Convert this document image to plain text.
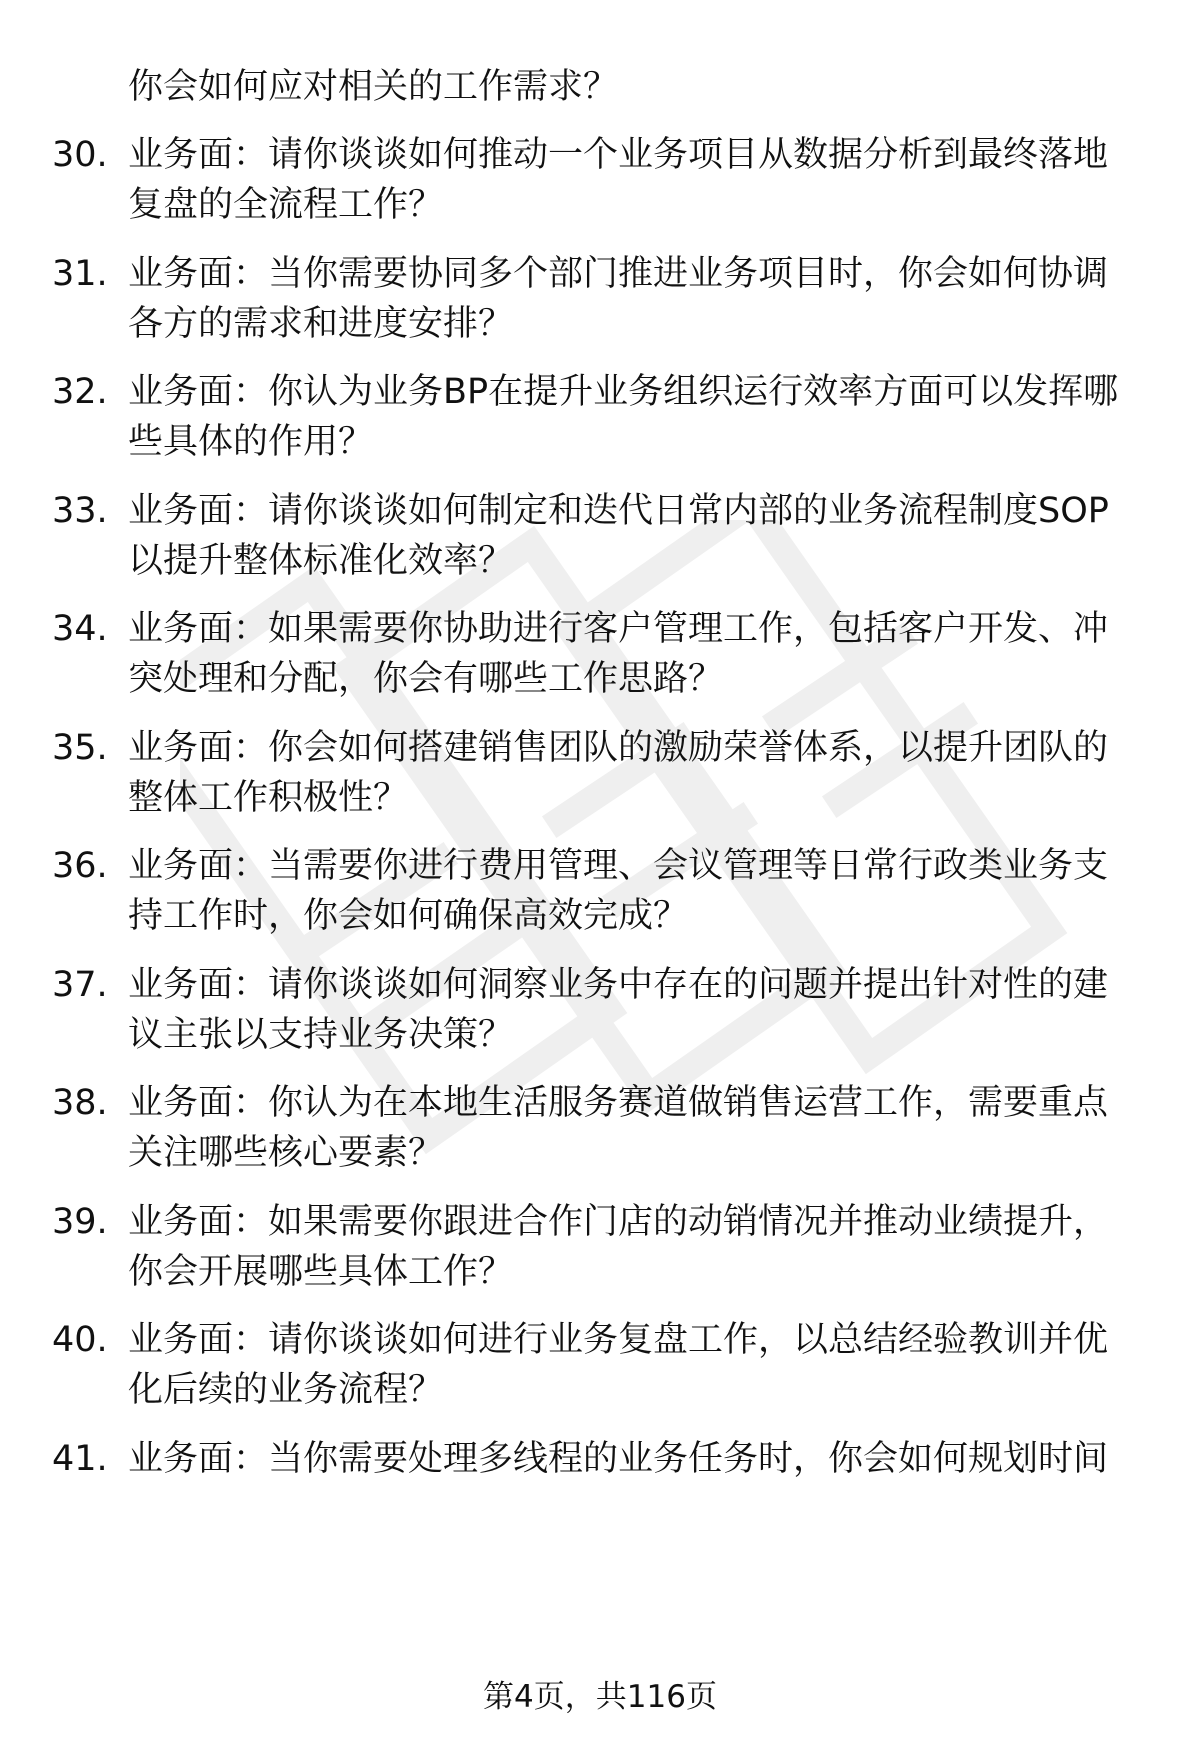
你会如何应对相关的工作需求？
30. 业务面：请你谈谈如何推动一个业务项目从数据分析到最终落地
复盘的全流程工作？
31. 业务面：当你需要协同多个部门推进业务项目时，你会如何协调
各方的需求和进度安排？
32. 业务面：你认为业务BP在提升业务组织运行效率方面可以发挥哪
些具体的作用？
33. 业务面：请你谈谈如何制定和迭代日常内部的业务流程制度SOP
以提升整体标准化效率？
34. 业务面：如果需要你协助进行客户管理工作，包括客户开发、冲
突处理和分配，你会有哪些工作思路？
35. 业务面：你会如何搭建销售团队的激励荣誉体系，以提升团队的
整体工作积极性？
36. 业务面：当需要你进行费用管理、会议管理等日常行政类业务支
持工作时，你会如何确保高效完成？
37. 业务面：请你谈谈如何洞察业务中存在的问题并提出针对性的建
议主张以支持业务决策？
38. 业务面：你认为在本地生活服务赛道做销售运营工作，需要重点
关注哪些核心要素？
39. 业务面：如果需要你跟进合作门店的动销情况并推动业绩提升，
你会开展哪些具体工作？
40. 业务面：请你谈谈如何进行业务复盘工作，以总结经验教训并优
化后续的业务流程？
41. 业务面：当你需要处理多线程的业务任务时，你会如何规划时间
第4页，共116页
